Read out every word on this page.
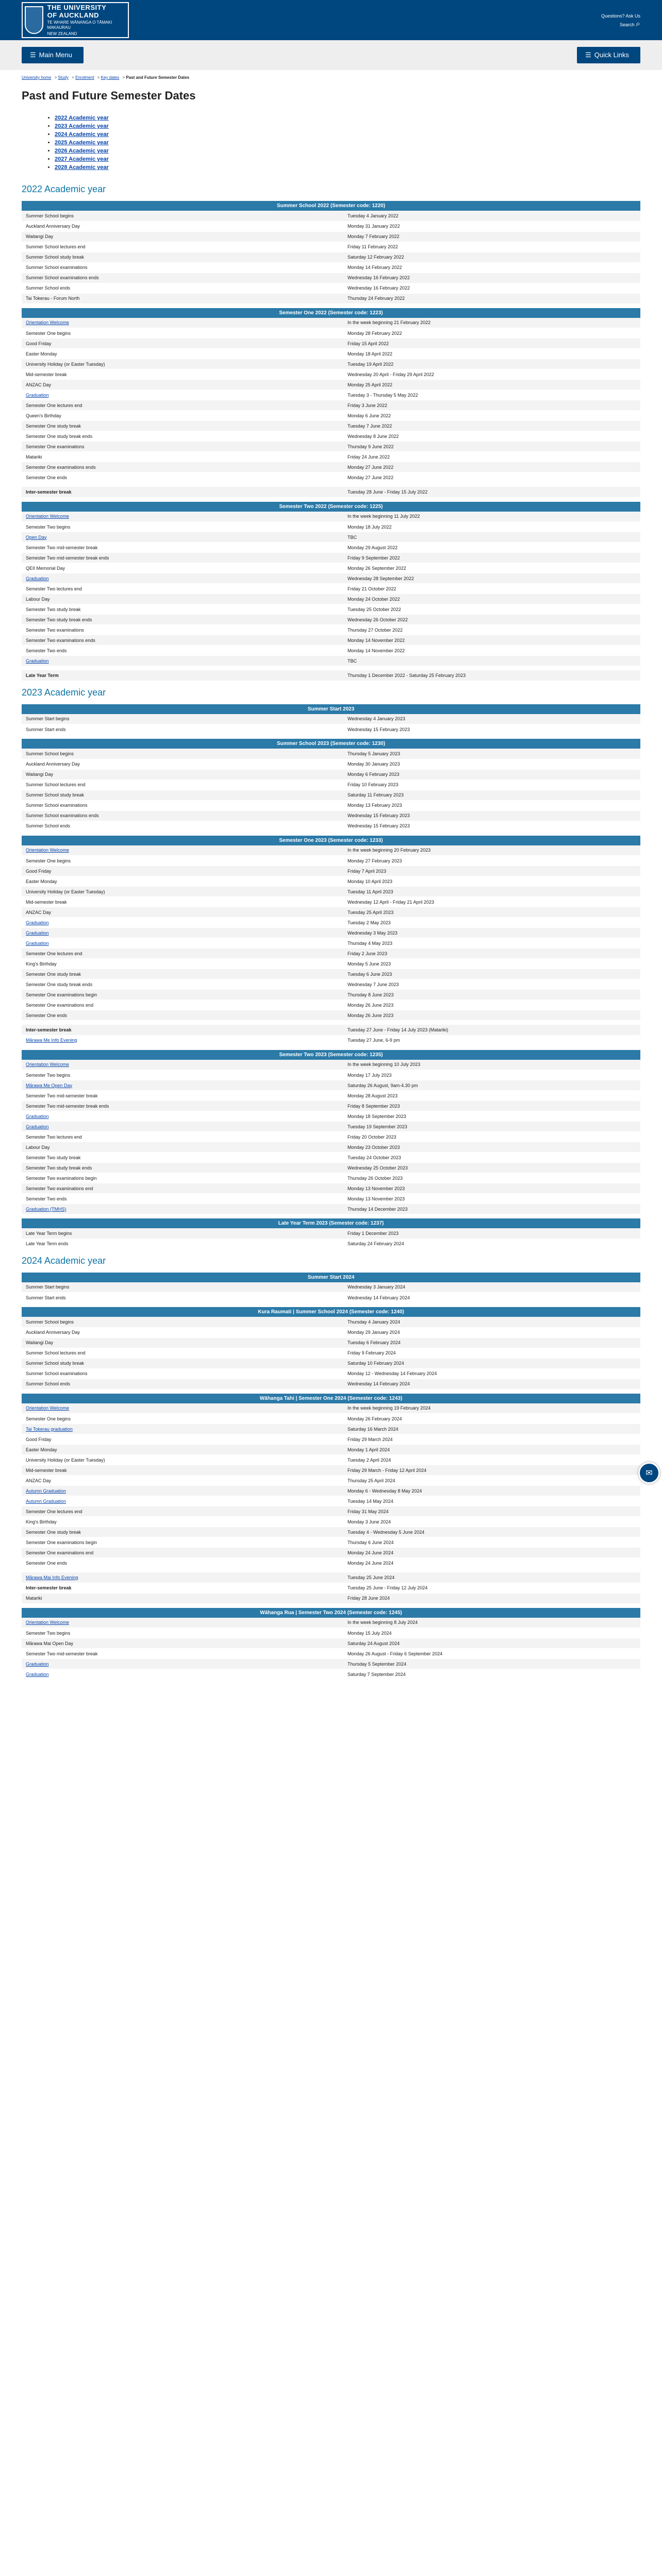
THE UNIVERSITY
OF AUCKLAND
TE WHARE WĀNANGA O TĀMAKI MAKAURAU
NEW ZEALAND
Questions? Ask Us
Search ⌕
☰ Main Menu	☰ Quick Links
University home > Study > Enrolment > Key dates > Past and Future Semester Dates
Past and Future Semester Dates
• 2022 Academic year
• 2023 Academic year
• 2024 Academic year
• 2025 Academic year
• 2026 Academic year
• 2027 Academic year
• 2028 Academic year
2022 Academic year
Summer School 2022 (Semester code: 1220)
Summer School begins	Tuesday 4 January 2022
Auckland Anniversary Day	Monday 31 January 2022
Waitangi Day	Monday 7 February 2022
Summer School lectures end	Friday 11 February 2022
Summer School study break	Saturday 12 February 2022
Summer School examinations	Monday 14 February 2022
Summer School examinations ends	Wednesday 16 February 2022
Summer School ends	Wednesday 16 February 2022
Tai Tokerau - Forum North	Thursday 24 February 2022
Semester One 2022 (Semester code: 1223)
Orientation Welcome	In the week beginning 21 February 2022
Semester One begins	Monday 28 February 2022
Good Friday	Friday 15 April 2022
Easter Monday	Monday 18 April 2022
University Holiday (or Easter Tuesday)	Tuesday 19 April 2022
Mid-semester break	Wednesday 20 April - Friday 29 April 2022
ANZAC Day	Monday 25 April 2022
Graduation	Tuesday 3 - Thursday 5 May 2022
Semester One lectures end	Friday 3 June 2022
Queen's Birthday	Monday 6 June 2022
Semester One study break	Tuesday 7 June 2022
Semester One study break ends	Wednesday 8 June 2022
Semester One examinations	Thursday 9 June 2022
Matariki	Friday 24 June 2022
Semester One examinations ends	Monday 27 June 2022
Semester One ends	Monday 27 June 2022
Inter-semester break	Tuesday 28 June - Friday 15 July 2022
Semester Two 2022 (Semester code: 1225)
Orientation Welcome	In the week beginning 11 July 2022
Semester Two begins	Monday 18 July 2022
Open Day	TBC
Semester Two mid-semester break	Monday 29 August 2022
Semester Two mid-semester break ends	Friday 9 September 2022
QEII Memorial Day	Monday 26 September 2022
Graduation	Wednesday 28 September 2022
Semester Two lectures end	Friday 21 October 2022
Labour Day	Monday 24 October 2022
Semester Two study break	Tuesday 25 October 2022
Semester Two study break ends	Wednesday 26 October 2022
Semester Two examinations	Thursday 27 October 2022
Semester Two examinations ends	Monday 14 November 2022
Semester Two ends	Monday 14 November 2022
Graduation	TBC
Late Year Term	Thursday 1 December 2022 - Saturday 25 February 2023
2023 Academic year
Summer Start 2023
Summer Start begins	Wednesday 4 January 2023
Summer Start ends	Wednesday 15 February 2023
Summer School 2023 (Semester code: 1230)
Summer School begins	Thursday 5 January 2023
Auckland Anniversary Day	Monday 30 January 2023
Waitangi Day	Monday 6 February 2023
Summer School lectures end	Friday 10 February 2023
Summer School study break	Saturday 11 February 2023
Summer School examinations	Monday 13 February 2023
Summer School examinations ends	Wednesday 15 February 2023
Summer School ends	Wednesday 15 February 2023
Semester One 2023 (Semester code: 1233)
Orientation Welcome	In the week beginning 20 February 2023
Semester One begins	Monday 27 February 2023
Good Friday	Friday 7 April 2023
Easter Monday	Monday 10 April 2023
University Holiday (or Easter Tuesday)	Tuesday 11 April 2023
Mid-semester break	Wednesday 12 April - Friday 21 April 2023
ANZAC Day	Tuesday 25 April 2023
Graduation	Tuesday 2 May 2023
Graduation	Wednesday 3 May 2023
Graduation	Thursday 4 May 2023
Semester One lectures end	Friday 2 June 2023
King's Birthday	Monday 5 June 2023
Semester One study break	Tuesday 6 June 2023
Semester One study break ends	Wednesday 7 June 2023
Semester One examinations begin	Thursday 8 June 2023
Semester One examinations end	Monday 26 June 2023
Semester One ends	Monday 26 June 2023
Inter-semester break	Tuesday 27 June - Friday 14 July 2023 (Matariki)
Mārawa Me Info Evening	Tuesday 27 June, 6-9 pm
Semester Two 2023 (Semester code: 1235)
Orientation Welcome	In the week beginning 10 July 2023
Semester Two begins	Monday 17 July 2023
Mārawa Me Open Day	Saturday 26 August, 9am-4.30 pm
Semester Two mid-semester break	Monday 28 August 2023
Semester Two mid-semester break ends	Friday 8 September 2023
Graduation	Monday 18 September 2023
Graduation	Tuesday 19 September 2023
Semester Two lectures end	Friday 20 October 2023
Labour Day	Monday 23 October 2023
Semester Two study break	Tuesday 24 October 2023
Semester Two study break ends	Wednesday 25 October 2023
Semester Two examinations begin	Thursday 26 October 2023
Semester Two examinations end	Monday 13 November 2023
Semester Two ends	Monday 13 November 2023
Graduation (TMHS)	Thursday 14 December 2023
Late Year Term 2023 (Semester code: 1237)
Late Year Term begins	Friday 1 December 2023
Late Year Term ends	Saturday 24 February 2024
2024 Academic year
Summer Start 2024
Summer Start begins	Wednesday 3 January 2024
Summer Start ends	Wednesday 14 February 2024
Kura Raumati | Summer School 2024 (Semester code: 1240)
Summer School begins	Thursday 4 January 2024
Auckland Anniversary Day	Monday 29 January 2024
Waitangi Day	Tuesday 6 February 2024
Summer School lectures end	Friday 9 February 2024
Summer School study break	Saturday 10 February 2024
Summer School examinations	Monday 12 - Wednesday 14 February 2024
Summer School ends	Wednesday 14 February 2024
Wāhanga Tahi | Semester One 2024 (Semester code: 1243)
Orientation Welcome	In the week beginning 19 February 2024
Semester One begins	Monday 26 February 2024
Tai Tokerau graduation	Saturday 16 March 2024
Good Friday	Friday 29 March 2024
Easter Monday	Monday 1 April 2024
University Holiday (or Easter Tuesday)	Tuesday 2 April 2024
Mid-semester break	Friday 29 March - Friday 12 April 2024
ANZAC Day	Thursday 25 April 2024
Autumn Graduation	Monday 6 - Wednesday 8 May 2024
Autumn Graduation	Tuesday 14 May 2024
Semester One lectures end	Friday 31 May 2024
King's Birthday	Monday 3 June 2024
Semester One study break	Tuesday 4 - Wednesday 5 June 2024
Semester One examinations begin	Thursday 6 June 2024
Semester One examinations end	Monday 24 June 2024
Semester One ends	Monday 24 June 2024
Mārawa Mai Info Evening	Tuesday 25 June 2024
Inter-semester break	Tuesday 25 June - Friday 12 July 2024
Matariki	Friday 28 June 2024
Wāhanga Rua | Semester Two 2024 (Semester code: 1245)
Orientation Welcome	In the week beginning 8 July 2024
Semester Two begins	Monday 15 July 2024
Mārawa Mai Open Day	Saturday 24 August 2024
Semester Two mid-semester break	Monday 26 August - Friday 6 September 2024
Graduation	Thursday 5 September 2024
Graduation	Saturday 7 September 2024
✉
